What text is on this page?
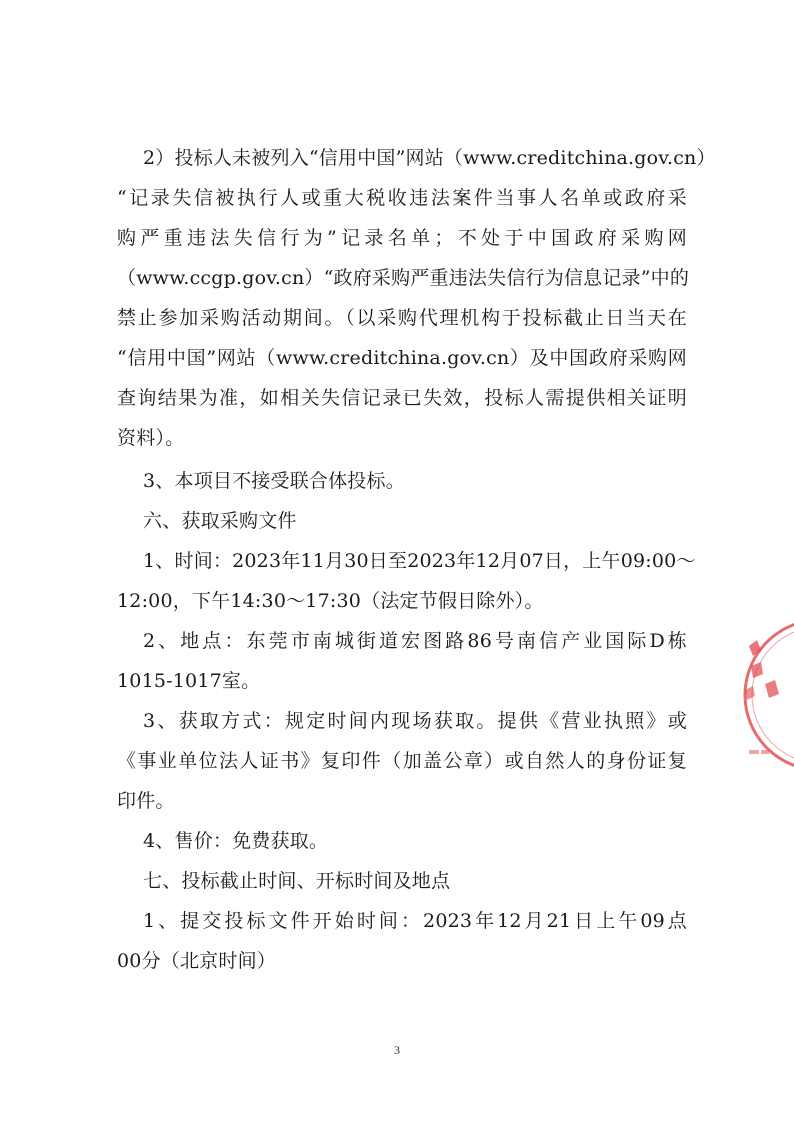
2）投标人未被列入“信用中国”网站（www.creditchina.gov.cn）
“记录失信被执行人或重大税收违法案件当事人名单或政府采
购严重违法失信行为”记录名单；不处于中国政府采购网
（www.ccgp.gov.cn）“政府采购严重违法失信行为信息记录”中的
禁止参加采购活动期间。（以采购代理机构于投标截止日当天在
“信用中国”网站（www.creditchina.gov.cn）及中国政府采购网
查询结果为准，如相关失信记录已失效，投标人需提供相关证明
资料）。
3、本项目不接受联合体投标。
六、获取采购文件
1、时间：2023年11月30日至2023年12月07日，上午09:00～
12:00，下午14:30～17:30（法定节假日除外）。
2、地点：东莞市南城街道宏图路86号南信产业国际D栋
1015-1017室。
3、获取方式：规定时间内现场获取。提供《营业执照》或
《事业单位法人证书》复印件（加盖公章）或自然人的身份证复
印件。
4、售价：免费获取。
七、投标截止时间、开标时间及地点
1、提交投标文件开始时间：2023年12月21日上午09点
00分（北京时间）
3
